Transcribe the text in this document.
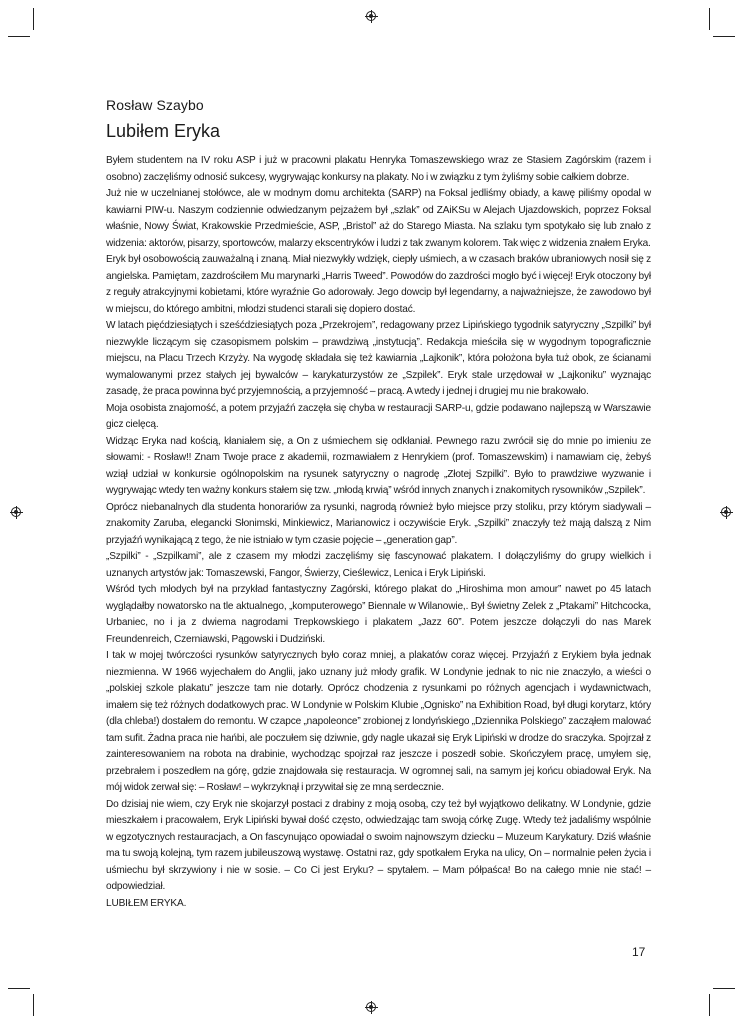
Rosław Szaybo
Lubiłem Eryka

Byłem studentem na IV roku ASP i już w pracowni plakatu Henryka Tomaszewskiego wraz ze Stasiem Zagórskim (razem i osobno) zaczęliśmy odnosić sukcesy, wygrywając konkursy na plakaty. No i w związku z tym żyliśmy sobie całkiem dobrze.

Już nie w uczelnianej stołówce, ale w modnym domu architekta (SARP) na Foksal jedliśmy obiady, a kawę piliśmy opodal w kawiarni PIW-u. Naszym codziennie odwiedzanym pejzażem był „szlak” od ZAiKSu w Alejach Ujazdowskich, poprzez Foksal właśnie, Nowy Świat, Krakowskie Przedmieście, ASP, „Bristol” aż do Starego Miasta. Na szlaku tym spotykało się lub znało z widzenia: aktorów, pisarzy, sportowców, malarzy ekscentryków i ludzi z tak zwanym kolorem. Tak więc z widzenia znałem Eryka.

Eryk był osobowością zauważalną i znaną. Miał niezwykły wdzięk, ciepły uśmiech, a w czasach braków ubraniowych nosił się z angielska. Pamiętam, zazdrościłem Mu marynarki „Harris Tweed”. Powodów do zazdrości mogło być i więcej! Eryk otoczony był z reguły atrakcyjnymi kobietami, które wyraźnie Go adorowały. Jego dowcip był legendarny, a najważniejsze, że zawodowo był w miejscu, do którego ambitni, młodzi studenci starali się dopiero dostać.

W latach pięćdziesiątych i sześćdziesiątych poza „Przekrojem”, redagowany przez Lipińskiego tygodnik satyryczny „Szpilki” był niezwykle liczącym się czasopismem polskim – prawdziwą „instytucją”. Redakcja mieściła się w wygodnym topograficznie miejscu, na Placu Trzech Krzyży. Na wygodę składała się też kawiarnia „Lajkonik”, która położona była tuż obok, ze ścianami wymalowanymi przez stałych jej bywalców – karykaturzystów ze „Szpilek”. Eryk stale urzędował w „Lajkoniku” wyznając zasadę, że praca powinna być przyjemnością, a przyjemność – pracą. A wtedy i jednej i drugiej mu nie brakowało.

Moja osobista znajomość, a potem przyjaźń zaczęła się chyba w restauracji SARP-u, gdzie podawano najlepszą w Warszawie gicz cielęcą.

Widząc Eryka nad kością, kłaniałem się, a On z uśmiechem się odkłaniał. Pewnego razu zwrócił się do mnie po imieniu ze słowami: - Rosław!! Znam Twoje prace z akademii, rozmawiałem z Henrykiem (prof. Tomaszewskim) i namawiam cię, żebyś wziął udział w konkursie ogólnopolskim na rysunek satyryczny o nagrodę „Złotej Szpilki”. Było to prawdziwe wyzwanie i wygrywając wtedy ten ważny konkurs stałem się tzw. „młodą krwią” wśród innych znanych i znakomitych rysowników „Szpilek”.

Oprócz niebanalnych dla studenta honorariów za rysunki, nagrodą również było miejsce przy stoliku, przy którym siadywali – znakomity Zaruba, elegancki Słonimski, Minkiewicz, Marianowicz i oczywiście Eryk. „Szpilki” znaczyły też mają dalszą z Nim przyjaźń wynikającą z tego, że nie istniało w tym czasie pojęcie – „generation gap”.

„Szpilki” - „Szpilkami”, ale z czasem my młodzi zaczęliśmy się fascynować plakatem. I dołączyliśmy do grupy wielkich i uznanych artystów jak: Tomaszewski, Fangor, Świerzy, Cieślewicz, Lenica i Eryk Lipiński.

Wśród tych młodych był na przykład fantastyczny Zagórski, którego plakat do „Hiroshima mon amour” nawet po 45 latach wyglądałby nowatorsko na tle aktualnego, „komputerowego” Biennale w Wilanowie,. Był świetny Zelek z „Ptakami” Hitchcocka, Urbaniec, no i ja z dwiema nagrodami Trepkowskiego i plakatem „Jazz 60”. Potem jeszcze dołączyli do nas Marek Freundenreich, Czerniawski, Pągowski i Dudziński.

I tak w mojej twórczości rysunków satyrycznych było coraz mniej, a plakatów coraz więcej. Przyjaźń z Erykiem była jednak niezmienna. W 1966 wyjechałem do Anglii, jako uznany już młody grafik. W Londynie jednak to nic nie znaczyło, a wieści o „polskiej szkole plakatu” jeszcze tam nie dotarły. Oprócz chodzenia z rysunkami po różnych agencjach i wydawnictwach, imałem się też różnych dodatkowych prac. W Londynie w Polskim Klubie „Ognisko” na Exhibition Road, był długi korytarz, który (dla chleba!) dostałem do remontu. W czapce „napoleonce” zrobionej z londyńskiego „Dziennika Polskiego” zacząłem malować tam sufit. Żadna praca nie hańbi, ale poczułem się dziwnie, gdy nagle ukazał się Eryk Lipiński w drodze do sraczyka. Spojrzał z zainteresowaniem na robota na drabinie, wychodząc spojrzał raz jeszcze i poszedł sobie. Skończyłem pracę, umyłem się, przebrałem i poszedłem na górę, gdzie znajdowała się restauracja. W ogromnej sali, na samym jej końcu obiadował Eryk. Na mój widok zerwał się: – Rosław! – wykrzyknął i przywitał się ze mną serdecznie.

Do dzisiaj nie wiem, czy Eryk nie skojarzył postaci z drabiny z moją osobą, czy też był wyjątkowo delikatny. W Londynie, gdzie mieszkałem i pracowałem, Eryk Lipiński bywał dość często, odwiedzając tam swoją córkę Zugę. Wtedy też jadaliśmy wspólnie w egzotycznych restauracjach, a On fascynująco opowiadał o swoim najnowszym dziecku – Muzeum Karykatury. Dziś właśnie ma tu swoją kolejną, tym razem jubileuszową wystawę. Ostatni raz, gdy spotkałem Eryka na ulicy, On – normalnie pełen życia i uśmiechu był skrzywiony i nie w sosie. – Co Ci jest Eryku? – spytałem. – Mam półpaśca! Bo na całego mnie nie stać! – odpowiedział.

LUBIŁEM ERYKA.

17
